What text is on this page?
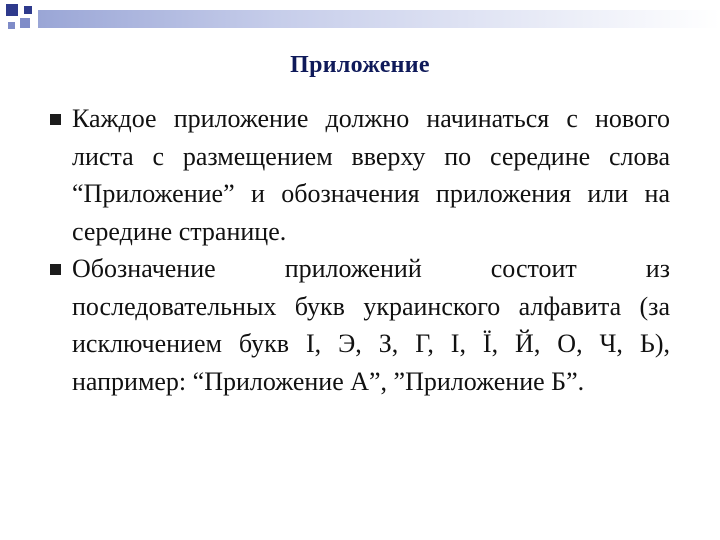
Приложение
Каждое приложение должно начинаться с нового листа с размещением вверху по середине слова “Приложение” и обозначения приложения или на середине странице.
Обозначение приложений состоит из последовательных букв украинского алфавита (за исключением букв І, Э, З, Г, І, Ї, Й, О, Ч, Ь), например: “Приложение А”, ”Приложение Б”.
